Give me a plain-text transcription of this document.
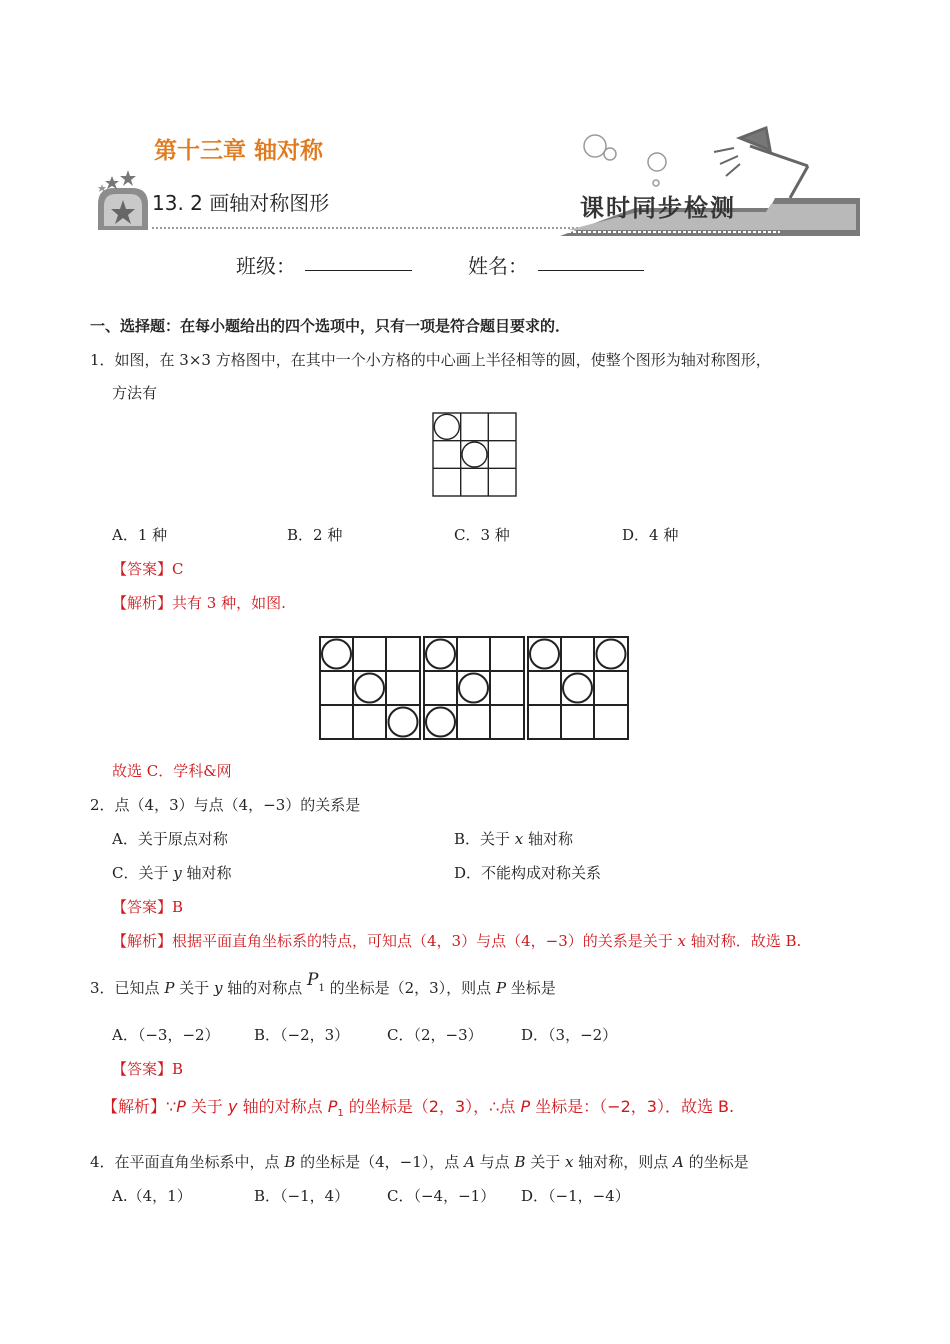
第十三章 轴对称
13. 2 画轴对称图形	课时同步检测
班级：	姓名：
一、选择题：在每小题给出的四个选项中，只有一项是符合题目要求的．
1．如图，在 3×3 方格图中，在其中一个小方格的中心画上半径相等的圆，使整个图形为轴对称图形，
方法有
A．1 种	B．2 种	C．3 种	D．4 种
【答案】C
【解析】共有 3 种，如图.
故选 C．学科&网
2．点（4，3）与点（4，−3）的关系是
A．关于原点对称	B．关于 x 轴对称
C．关于 y 轴对称	D．不能构成对称关系
【答案】B
【解析】根据平面直角坐标系的特点，可知点（4，3）与点（4，−3）的关系是关于 x 轴对称．故选 B.
3．已知点 P 关于 y 轴的对称点 $P_1$ 的坐标是（2，3），则点 P 坐标是
A．（−3，−2） B．（−2，3）	C．（2，−3）	D．（3，−2）
【答案】B
【解析】∵P 关于 y 轴的对称点 $P_1$ 的坐标是（2，3），∴点 P 坐标是：（−2，3）．故选 B.
4．在平面直角坐标系中，点 B 的坐标是（4，−1），点 A 与点 B 关于 x 轴对称，则点 A 的坐标是
A.（4，1）	B．（−1，4）	C．（−4，−1） D．（−1，−4）
